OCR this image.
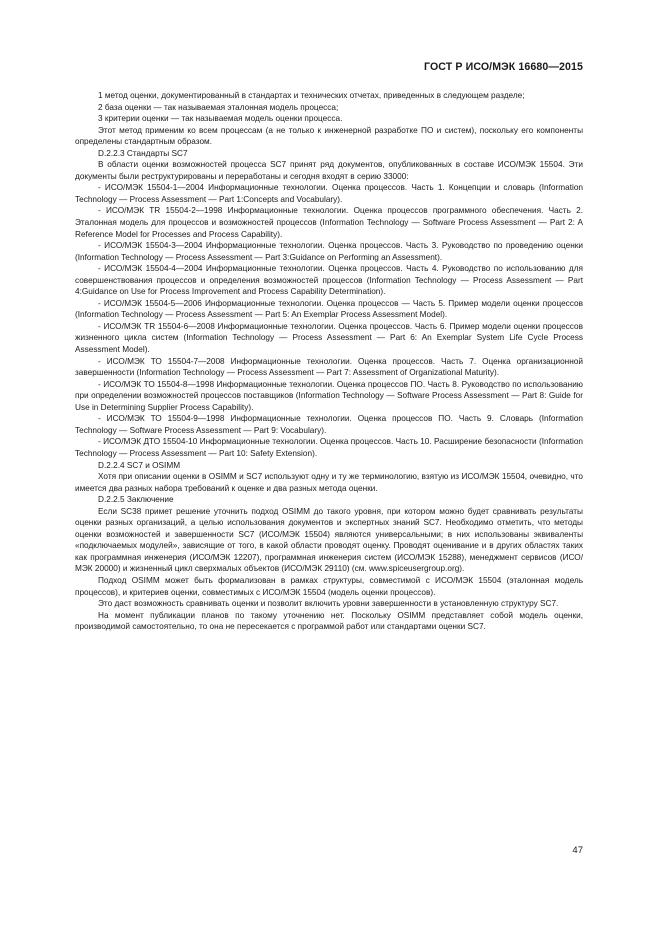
ГОСТ Р ИСО/МЭК 16680—2015

1 метод оценки, документированный в стандартах и технических отчетах, приведенных в следующем разделе;

2 база оценки — так называемая эталонная модель процесса;

3 критерии оценки — так называемая модель оценки процесса.

Этот метод применим ко всем процессам (а не только к инженерной разработке ПО и систем), поскольку его компоненты определены стандартным образом.

D.2.2.3 Стандарты SC7

В области оценки возможностей процесса SC7 принят ряд документов, опубликованных в составе ИСО/МЭК 15504. Эти документы были реструктурированы и переработаны и сегодня входят в серию 33000:

- ИСО/МЭК 15504-1—2004 Информационные технологии. Оценка процессов. Часть 1. Концепции и словарь (Information Technology — Process Assessment — Part 1:Concepts and Vocabulary).

- ИСО/МЭК TR 15504-2—1998 Информационные технологии. Оценка процессов программного обеспечения. Часть 2. Эталонная модель для процессов и возможностей процессов (Information Technology — Software Process Assessment — Part 2: A Reference Model for Processes and Process Capability).

- ИСО/МЭК 15504-3—2004 Информационные технологии. Оценка процессов. Часть 3. Руководство по проведению оценки (Information Technology — Process Assessment — Part 3:Guidance on Performing an Assessment).

- ИСО/МЭК 15504-4—2004 Информационные технологии. Оценка процессов. Часть 4. Руководство по использованию для совершенствования процессов и определения возможностей процессов (Information Technology — Process Assessment — Part 4:Guidance on Use for Process Improvement and Process Capability Determination).

- ИСО/МЭК 15504-5—2006 Информационные технологии. Оценка процессов — Часть 5. Пример модели оценки процессов (Information Technology — Process Assessment — Part 5: An Exemplar Process Assessment Model).

- ИСО/МЭК TR 15504-6—2008 Информационные технологии. Оценка процессов. Часть 6. Пример модели оценки процессов жизненного цикла систем (Information Technology — Process Assessment — Part 6: An Exemplar System Life Cycle Process Assessment Model).

- ИСО/МЭК ТО 15504-7—2008 Информационные технологии. Оценка процессов. Часть 7. Оценка организационной завершенности (Information Technology — Process Assessment — Part 7: Assessment of Organizational Maturity).

- ИСО/МЭК ТО 15504-8—1998 Информационные технологии. Оценка процессов ПО. Часть 8. Руководство по использованию при определении возможностей процессов поставщиков (Information Technology — Software Process Assessment — Part 8: Guide for Use in Determining Supplier Process Capability).

- ИСО/МЭК ТО 15504-9—1998 Информационные технологии. Оценка процессов ПО. Часть 9. Словарь (Information Technology — Software Process Assessment — Part 9: Vocabulary).

- ИСО/МЭК ДТО 15504-10 Информационные технологии. Оценка процессов. Часть 10. Расширение безопасности (Information Technology — Process Assessment — Part 10: Safety Extension).

D.2.2.4 SC7 и OSIMM

Хотя при описании оценки в OSIMM и SC7 используют одну и ту же терминологию, взятую из ИСО/МЭК 15504, очевидно, что имеется два разных набора требований к оценке и два разных метода оценки.

D.2.2.5 Заключение

Если SC38 примет решение уточнить подход OSIMM до такого уровня, при котором можно будет сравнивать результаты оценки разных организаций, а целью использования документов и экспертных знаний SC7. Необходимо отметить, что методы оценки возможностей и завершенности SC7 (ИСО/МЭК 15504) являются универсальными; в них использованы эквиваленты «подключаемых модулей», зависящие от того, в какой области проводят оценку. Проводят оценивание и в других областях таких как программная инженерия (ИСО/МЭК 12207), программная инженерия систем (ИСО/МЭК 15288), менеджмент сервисов (ИСО/МЭК 20000) и жизненный цикл сверхмалых объектов (ИСО/МЭК 29110) (см. www.spiceusergroup.org).

Подход OSIMM может быть формализован в рамках структуры, совместимой с ИСО/МЭК 15504 (эталонная модель процессов), и критериев оценки, совместимых с ИСО/МЭК 15504 (модель оценки процессов).

Это даст возможность сравнивать оценки и позволит включить уровни завершенности в установленную структуру SC7.

На момент публикации планов по такому уточнению нет. Поскольку OSIMM представляет собой модель оценки, производимой самостоятельно, то она не пересекается с программой работ или стандартами оценки SC7.

47
